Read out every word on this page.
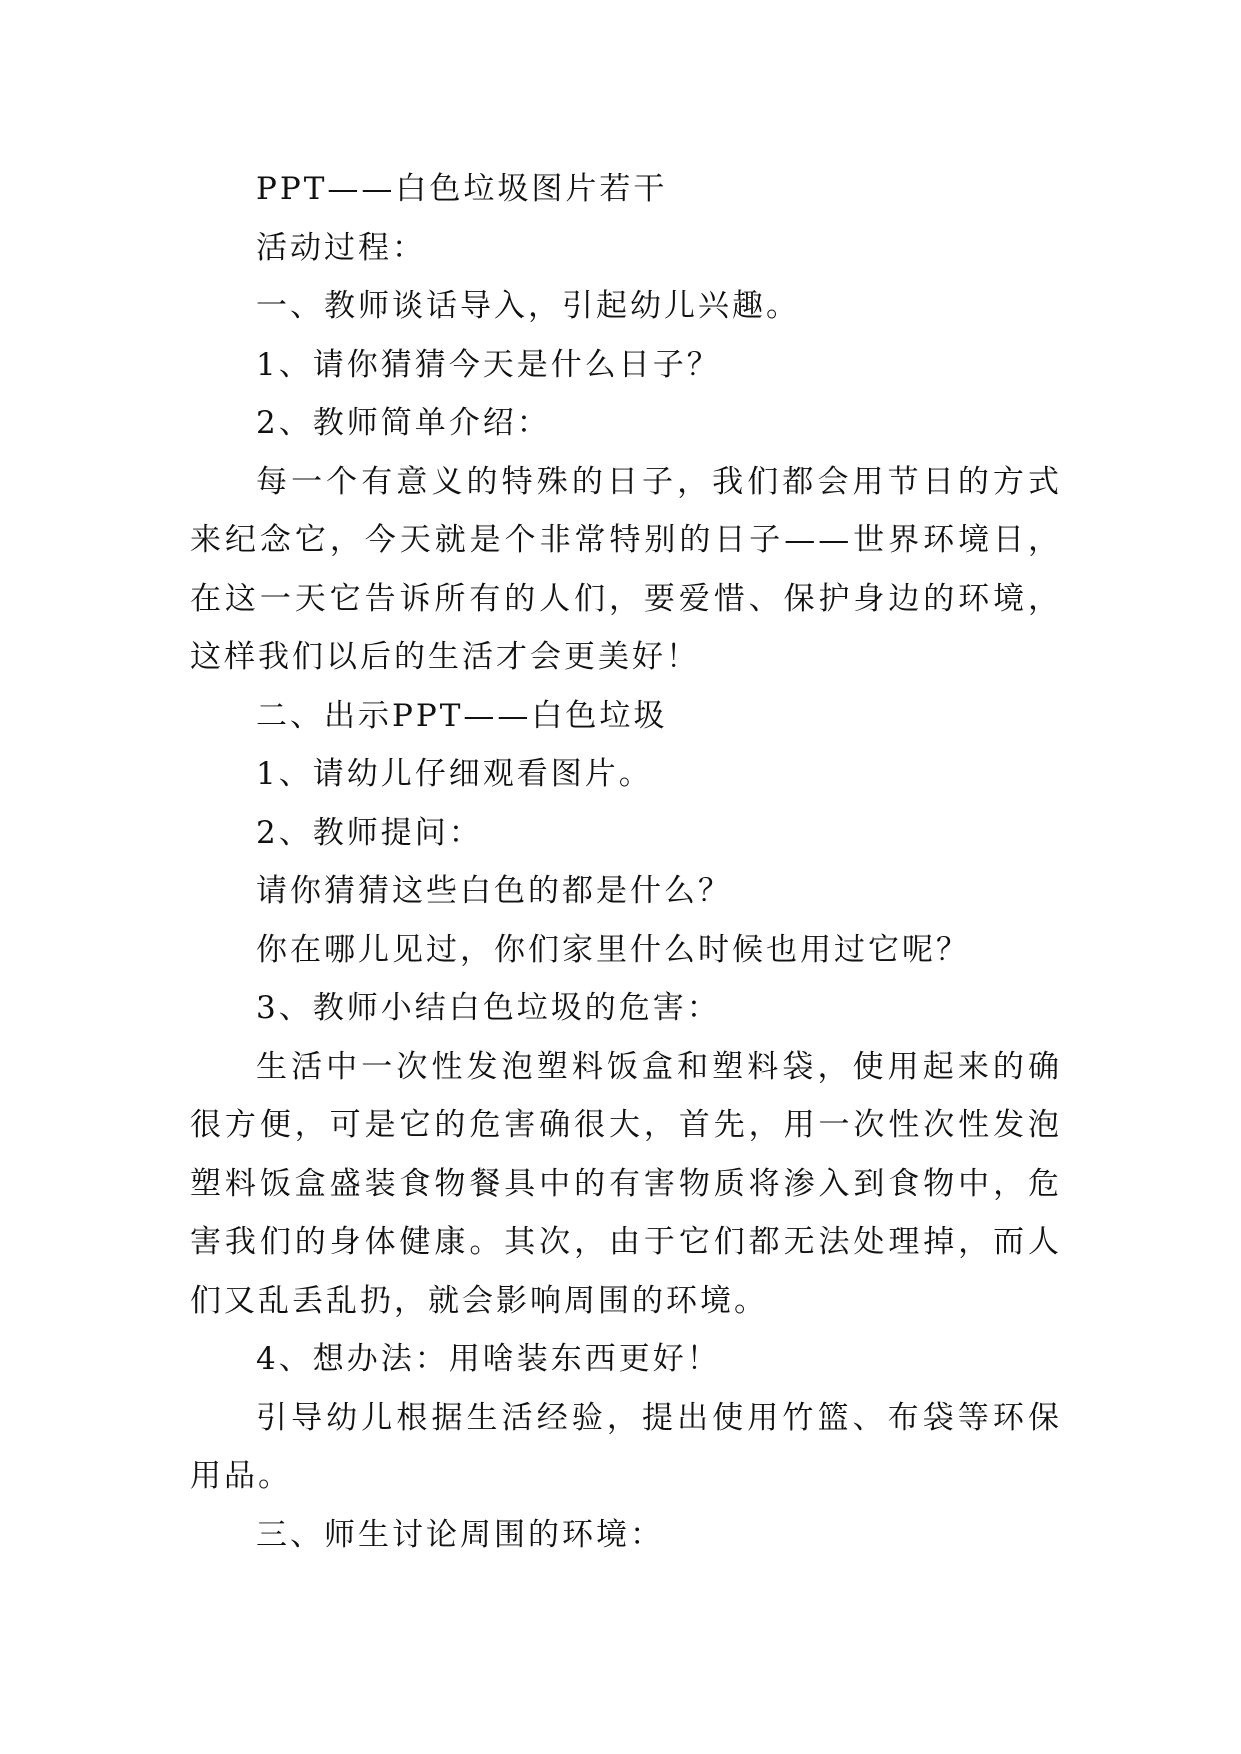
PPT——白色垃圾图片若干

活动过程：

一、教师谈话导入，引起幼儿兴趣。

1、请你猜猜今天是什么日子？

2、教师简单介绍：

每一个有意义的特殊的日子，我们都会用节日的方式来纪念它，今天就是个非常特别的日子——世界环境日，在这一天它告诉所有的人们，要爱惜、保护身边的环境，这样我们以后的生活才会更美好！

二、出示PPT——白色垃圾

1、请幼儿仔细观看图片。

2、教师提问：

请你猜猜这些白色的都是什么？

你在哪儿见过，你们家里什么时候也用过它呢？

3、教师小结白色垃圾的危害：

生活中一次性发泡塑料饭盒和塑料袋，使用起来的确很方便，可是它的危害确很大，首先，用一次性次性发泡塑料饭盒盛装食物餐具中的有害物质将渗入到食物中，危害我们的身体健康。其次，由于它们都无法处理掉，而人们又乱丢乱扔，就会影响周围的环境。

4、想办法：用啥装东西更好！

引导幼儿根据生活经验，提出使用竹篮、布袋等环保用品。

三、师生讨论周围的环境：
